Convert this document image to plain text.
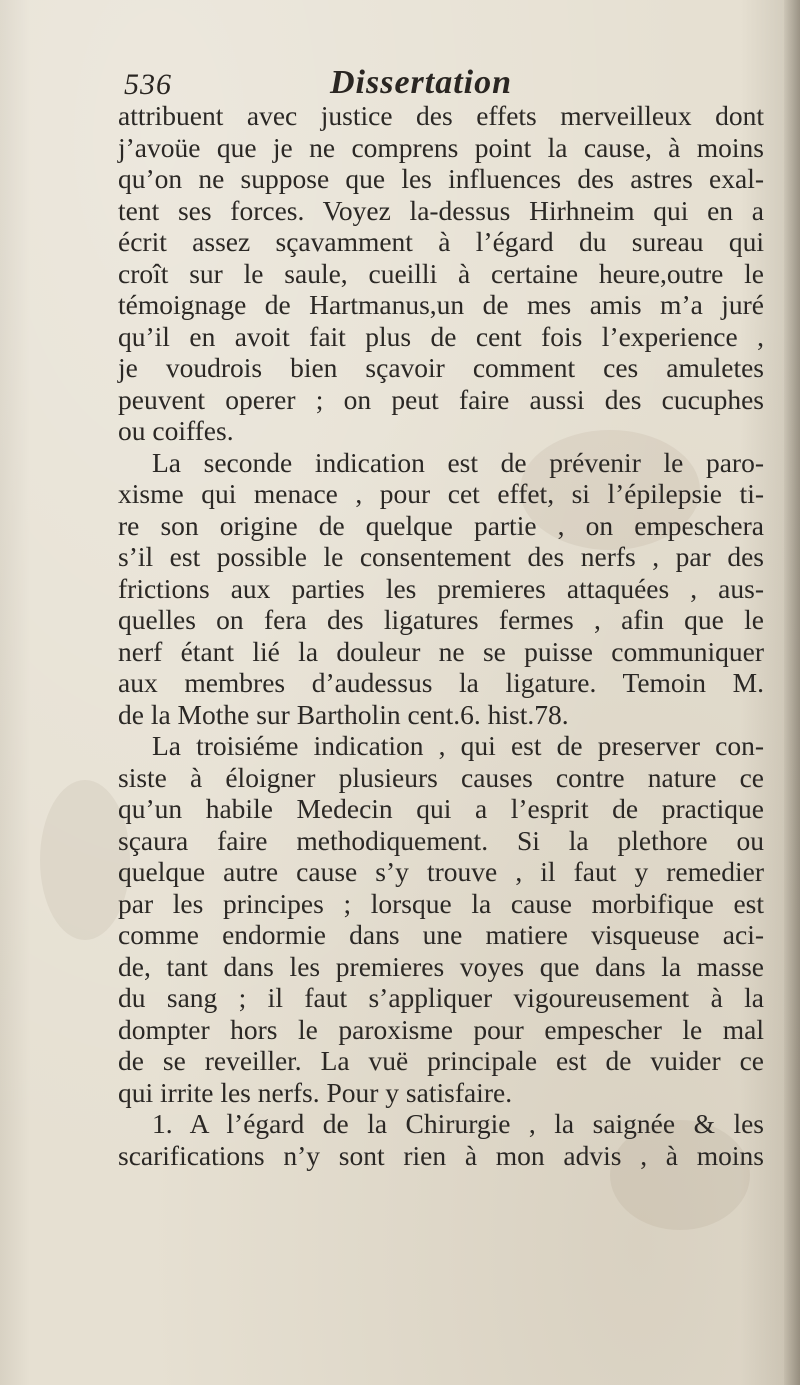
536	Dissertation
attribuent avec justice des effets merveilleux dont
j’avoüe que je ne comprens point la cause, à moins
qu’on ne suppose que les influences des astres exal-
tent ses forces. Voyez la-dessus Hirhneim qui en a
écrit assez sçavamment à l’égard du sureau qui
croît sur le saule, cueilli à certaine heure,outre le
témoignage de Hartmanus,un de mes amis m’a juré
qu’il en avoit fait plus de cent fois l’experience ,
je voudrois bien sçavoir comment ces amuletes
peuvent operer ; on peut faire aussi des cucuphes
ou coiffes.
La seconde indication est de prévenir le paro-
xisme qui menace , pour cet effet, si l’épilepsie ti-
re son origine de quelque partie , on empeschera
s’il est possible le consentement des nerfs , par des
frictions aux parties les premieres attaquées , aus-
quelles on fera des ligatures fermes , afin que le
nerf étant lié la douleur ne se puisse communiquer
aux membres d’audessus la ligature. Temoin M.
de la Mothe sur Bartholin cent.6. hist.78.
La troisiéme indication , qui est de preserver con-
siste à éloigner plusieurs causes contre nature ce
qu’un habile Medecin qui a l’esprit de practique
sçaura faire methodiquement. Si la plethore ou
quelque autre cause s’y trouve , il faut y remedier
par les principes ; lorsque la cause morbifique est
comme endormie dans une matiere visqueuse aci-
de, tant dans les premieres voyes que dans la masse
du sang ; il faut s’appliquer vigoureusement à la
dompter hors le paroxisme pour empescher le mal
de se reveiller. La vuë principale est de vuider ce
qui irrite les nerfs. Pour y satisfaire.
1. A l’égard de la Chirurgie , la saignée & les
scarifications n’y sont rien à mon advis , à moins
